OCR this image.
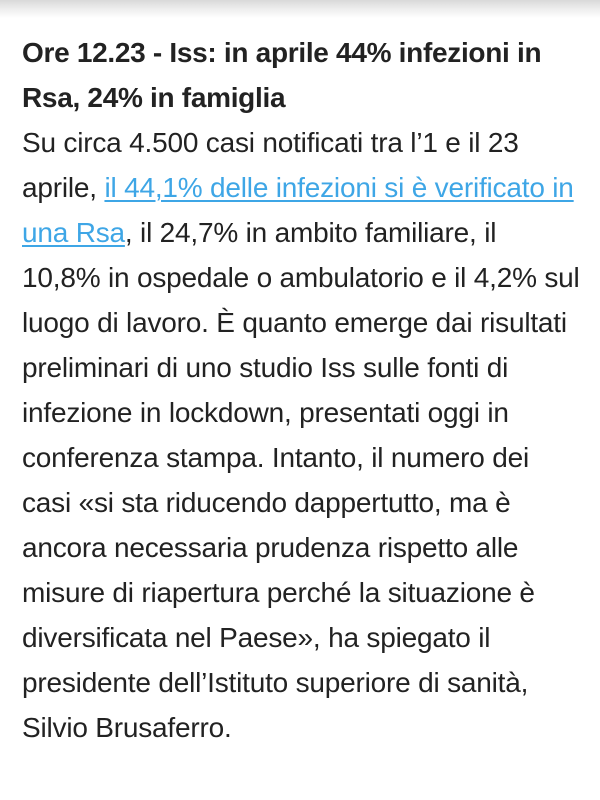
Ore 12.23 - Iss: in aprile 44% infezioni in Rsa, 24% in famiglia

Su circa 4.500 casi notificati tra l’1 e il 23 aprile, il 44,1% delle infezioni si è verificato in una Rsa, il 24,7% in ambito familiare, il 10,8% in ospedale o ambulatorio e il 4,2% sul luogo di lavoro. È quanto emerge dai risultati preliminari di uno studio Iss sulle fonti di infezione in lockdown, presentati oggi in conferenza stampa. Intanto, il numero dei casi «si sta riducendo dappertutto, ma è ancora necessaria prudenza rispetto alle misure di riapertura perché la situazione è diversificata nel Paese», ha spiegato il presidente dell’Istituto superiore di sanità, Silvio Brusaferro.
